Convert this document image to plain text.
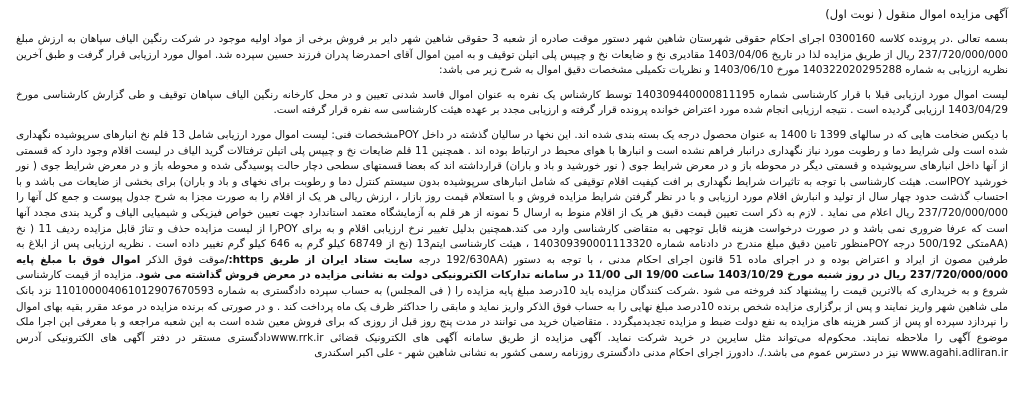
آگهی مزایده اموال منقول ( نوبت اول)

بسمه تعالی .در پرونده کلاسه 0300160 اجرای احکام حقوقی شهرستان شاهین شهر دستور موقت صادره از شعبه 3 حقوقی شاهین شهر دایر بر فروش برخی از مواد اولیه موجود در شرکت رنگین الیاف سپاهان به ارزش مبلغ 237/720/000/000 ریال از طریق مزایده لذا در تاریخ 1403/04/06 مقادیری نخ و ضایعات نخ و چیپس پلی اتیلن توقیف و به امین اموال آقای احمدرضا پدران فرزند حسین سپرده شد. اموال مورد ارزیابی قرار گرفت و طبق آخرین نظریه ارزیابی به شماره 140322020295288 مورخ 1403/06/10 و نظریات تکمیلی مشخصات دقیق اموال به شرح زیر می باشد:

لیست اموال مورد ارزیابی قبلا با قرار کارشناسی شماره 140309440000811195 توسط کارشناس یک نفره به عنوان اموال فاسد شدنی تعیین و در محل کارخانه رنگین الیاف سپاهان توقیف و طی گزارش کارشناسی مورخ 1403/04/29 ارزیابی گردیده است . نتیجه ارزیابی انجام شده مورد اعتراض خوانده پرونده قرار گرفته و ارزیابی مجدد بر عهده هیئت کارشناسی سه نفره قرار گرفته است.

با دیکس ضخامت هایی که در سالهای 1399 تا 1400 به عنوان محصول درجه یک بسته بندی شده اند. این نخها در سالیان گذشته در داخل POYمشخصات فنی: لیست اموال مورد ارزیابی شامل 13 قلم نخ انبارهای سرپوشیده نگهداری شده است ولی شرایط دما و رطوبت مورد نیاز نگهداری درانبار فراهم نشده است و انبارها با هوای محیط در ارتباط بوده اند . همچنین 11 قلم ضایعات نخ و چیپس پلی اتیلن ترفتالات گرید الیاف در لیست اقلام وجود دارد که قسمتی از آنها داخل انبارهای سرپوشیده و قسمتی دیگر در محوطه باز و در معرض شرایط جوی ( نور خورشید و باد و باران) قرارداشته اند که بعضا قسمتهای سطحی دچار حالت پوسیدگی شده و محوطه باز و در معرض شرایط جوی ( نور خورشید POYاست. هیئت کارشناسی با توجه به تاثیرات شرایط نگهداری بر افت کیفیت اقلام توقیفی که شامل انبارهای سرپوشیده بدون سیستم کنترل دما و رطوبت برای نخهای و باد و باران) برای بخشی از ضایعات می باشد و با احتساب گذشت حدود چهار سال از تولید و انبارش اقلام مورد ارزیابی و با در نظر گرفتن شرایط مزایده فروش و با استعلام قیمت روز بازار ، ارزش ریالی هر یک از اقلام را به صورت مجزا به شرح جدول پیوست و جمع کل آنها را 237/720/000/000 ریال اعلام می نماید . لازم به ذکر است تعیین قیمت دقیق هر یک از اقلام منوط به ارسال 5 نمونه از هر قلم به آزمایشگاه معتمد استاندارد جهت تعیین خواص فیزیکی و شیمیایی الیاف و گرید بندی مجدد آنها است که عرفا ضروری نمی باشد و در صورت درخواست هزینه قابل توجهی به متقاضی کارشناسی وارد می کند.همچنین بدلیل تغییر نرخ ارزیابی اقلام و به برای POYرا از لیست مزایده حذف و تناژ قابل مزایده ردیف 11 ( نخ (AAمتکی 500/192 درجه POYمنظور تامین دقیق مبلغ مندرج در دادنامه شماره 140309390001113320 ، هیئت کارشناسی ایتم13 (نخ از 68749 کیلو گرم به 646 کیلو گرم تغییر داده است . نظریه ارزیابی پس از ابلاغ به طرفین مصون از ایراد و اعتراض بوده و در اجرای ماده 51 قانون اجرای احکام مدنی ، با توجه به دستور (192/630AA درجه سایت ستاد ایران از طریق https:/موقت فوق الذکر اموال فوق با مبلغ پایه 237/720/000/000 ریال در روز شنبه مورخ 1403/10/29 ساعت 19/00 الی 11/00 در سامانه تدارکات الکترونیکی دولت به نشانی مزایده در معرض فروش گذاشته می شود. مزایده از قیمت کارشناسی شروع و به خریداری که بالاترین قیمت را پیشنهاد کند فروخته می شود .شرکت کنندگان مزایده باید 10درصد مبلغ پایه مزایده را ( فی المجلس) به حساب سپرده دادگستری به شماره 110100004061012907670593 نزد بانک ملی شاهین شهر واریز نمایند و پس از برگزاری مزایده شخص برنده 10درصد مبلغ نهایی را به حساب فوق الذکر واریز نماید و مابقی را حداکثر ظرف یک ماه پرداخت کند . و در صورتی که برنده مزایده در موعد مقرر بقیه بهای اموال را نپردازد سپرده او پس از کسر هزینه های مزایده به نفع دولت ضبط و مزایده تجدیدمیگردد . متقاضیان خرید می توانند در مدت پنج روز قبل از روزی که برای فروش معین شده است به این شعبه مراجعه و با معرفی این اجرا ملک موضوع آگهی را ملاحظه نمایند. محکوم‌له می‌تواند مثل سایرین در خرید شرکت نماید. آگهی مزایده از طریق سامانه آگهی های الکترونیک قضائی www.rrk.irدادگستری مستقر در دفتر آگهی های الکترونیکی آدرس www.agahi.adliran.ir نیز در دسترس عموم می باشد./. دادورز اجرای احکام مدنی دادگستری روزنامه رسمی کشور به نشانی شاهین شهر - علی اکبر اسکندری
